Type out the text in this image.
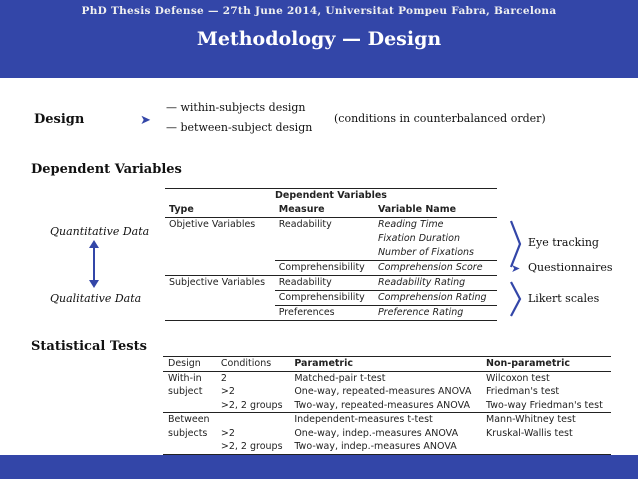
Methodology — Design
Design	➤
— within-subjects design
— between-subject design
(conditions in counterbalanced order)
Dependent Variables
Quantitative Data
Qualitative Data
Dependent Variables		
Type	Measure	Variable Name
Objetive Variables	Readability	Reading Time
		Fixation Duration
		Number of Fixations
	Comprehensibility	Comprehension Score
Subjective Variables	Readability	Readability Rating
	Comprehensibility	Comprehension Rating
	Preferences	Preference Rating
Eye tracking
➤ Questionnaires
Likert scales
Statistical Tests
Design	Conditions	Parametric	Non-parametric
With-in	2	Matched-pair t-test	Wilcoxon test
subject	>2	One-way, repeated-measures ANOVA	Friedman's test
	>2, 2 groups	Two-way, repeated-measures ANOVA	Two-way Friedman's test
Between		Independent-measures t-test	Mann-Whitney test
subjects	>2	One-way, indep.-measures ANOVA	Kruskal-Wallis test
	>2, 2 groups	Two-way, indep.-measures ANOVA	
PhD Thesis Defense — 27th June 2014, Universitat Pompeu Fabra, Barcelona
